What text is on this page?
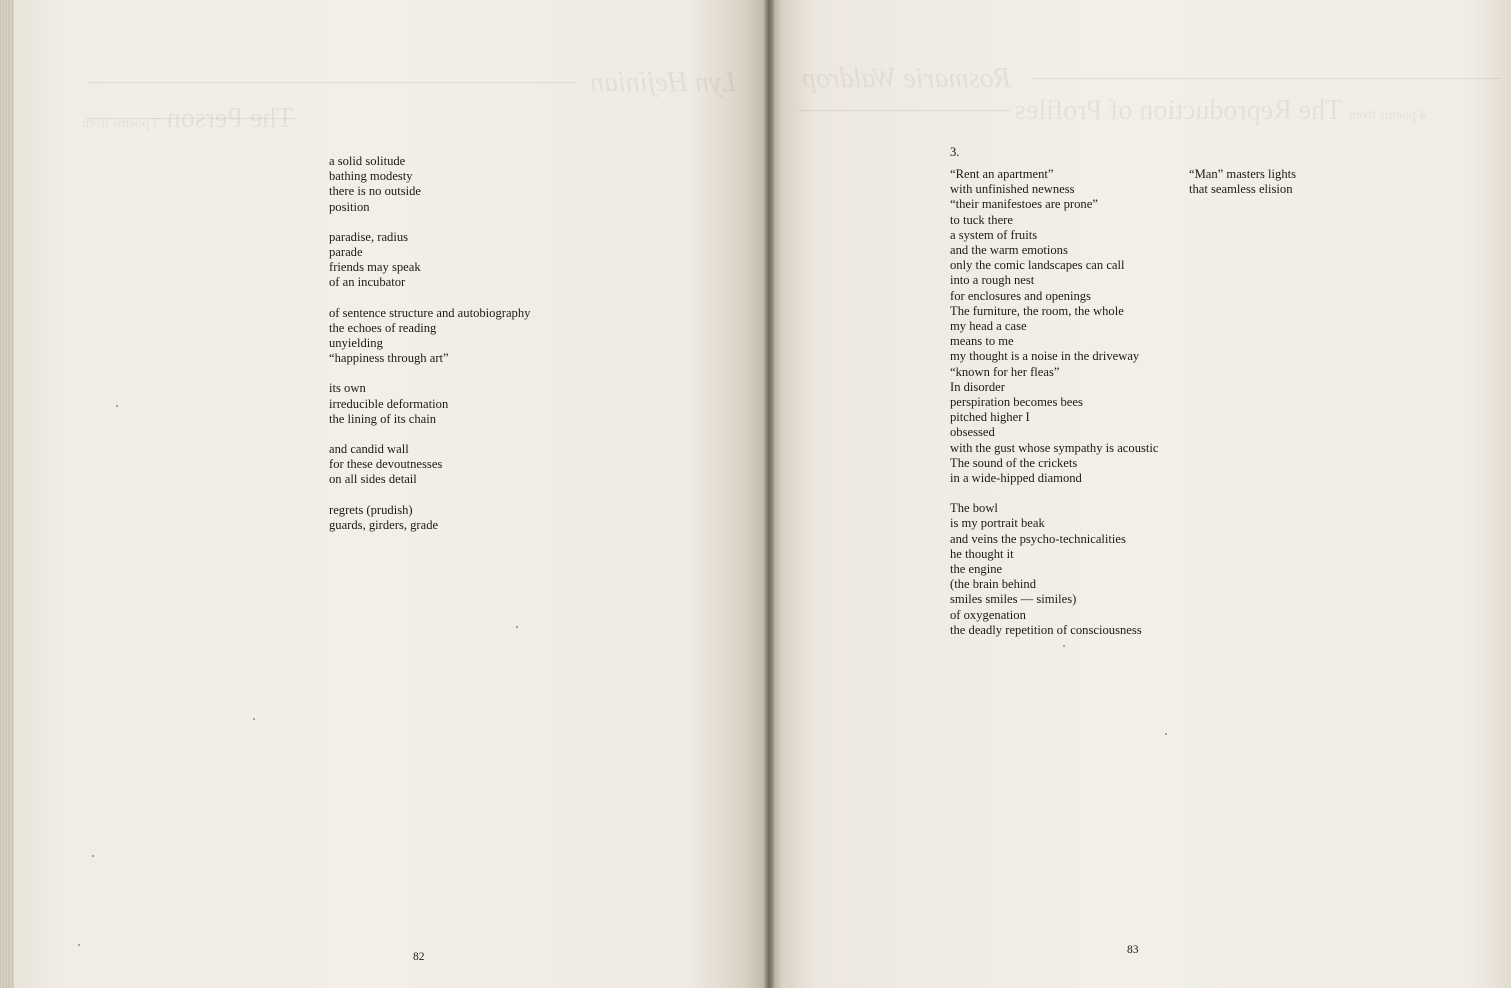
Lyn Hejinian
The Person 3 poems from
82
Rosmarie Waldrop
4 poems from The Reproduction of Profiles
83
a solid solitude
bathing modesty
there is no outside
position
paradise, radius
parade
friends may speak
of an incubator
of sentence structure and autobiography
the echoes of reading
unyielding
“happiness through art”
its own
irreducible deformation
the lining of its chain
and candid wall
for these devoutnesses
on all sides detail
regrets (prudish)
guards, girders, grade
3.
“Rent an apartment”
with unfinished newness
“their manifestoes are prone”
to tuck there
a system of fruits
and the warm emotions
only the comic landscapes can call
into a rough nest
for enclosures and openings
The furniture, the room, the whole
my head a case
means to me
my thought is a noise in the driveway
“known for her fleas”
In disorder
perspiration becomes bees
pitched higher I
obsessed
with the gust whose sympathy is acoustic
The sound of the crickets
in a wide-hipped diamond
The bowl
is my portrait beak
and veins the psycho-technicalities
he thought it
the engine
(the brain behind
smiles smiles — similes)
of oxygenation
the deadly repetition of consciousness
“Man” masters lights
that seamless elision
